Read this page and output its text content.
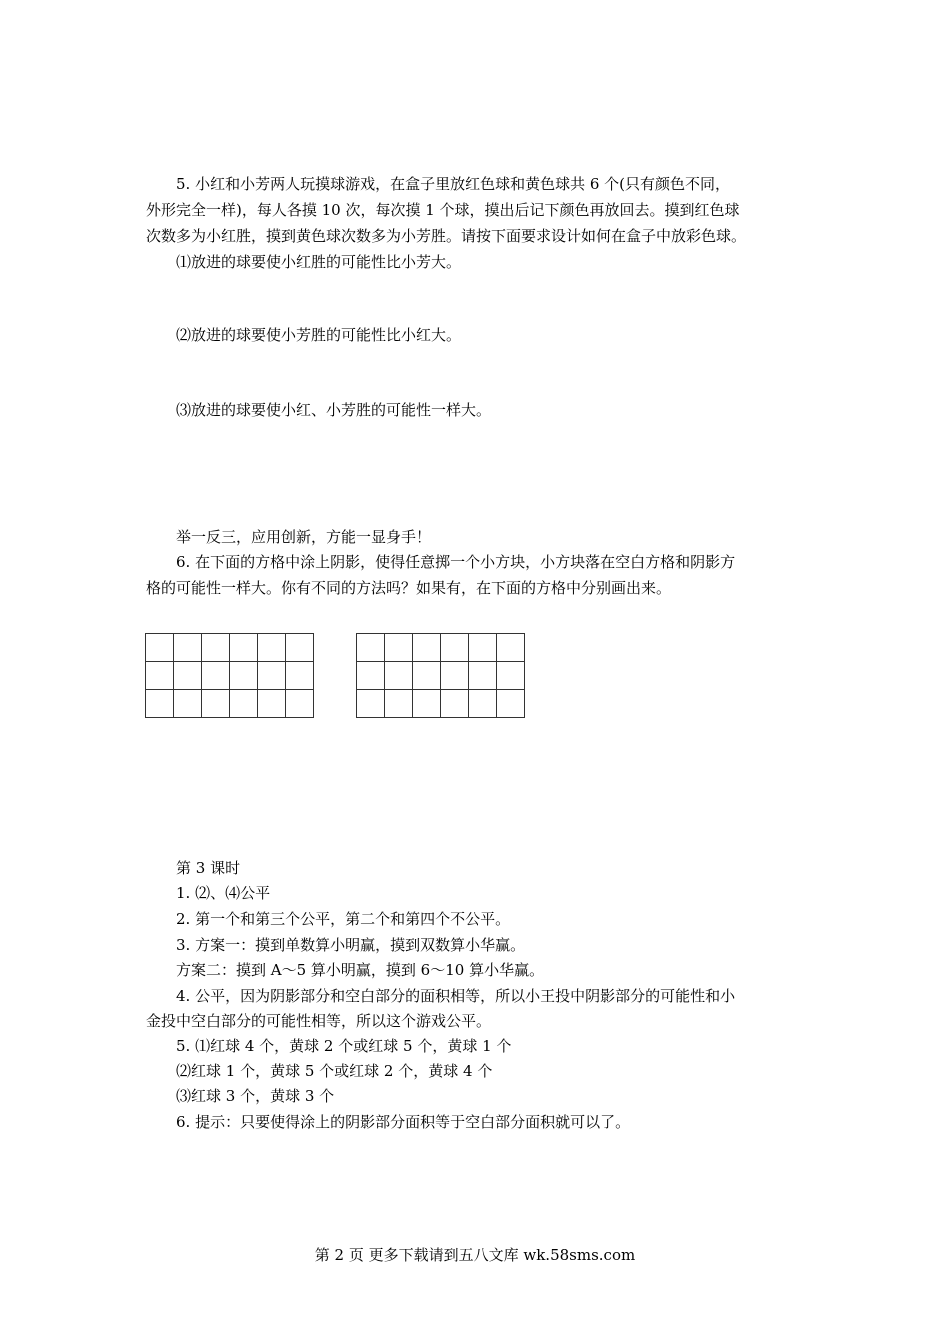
5. 小红和小芳两人玩摸球游戏，在盒子里放红色球和黄色球共 6 个(只有颜色不同，
外形完全一样)，每人各摸 10 次，每次摸 1 个球，摸出后记下颜色再放回去。摸到红色球
次数多为小红胜，摸到黄色球次数多为小芳胜。请按下面要求设计如何在盒子中放彩色球。
⑴放进的球要使小红胜的可能性比小芳大。
⑵放进的球要使小芳胜的可能性比小红大。
⑶放进的球要使小红、小芳胜的可能性一样大。
举一反三，应用创新，方能一显身手！
6. 在下面的方格中涂上阴影，使得任意掷一个小方块，小方块落在空白方格和阴影方
格的可能性一样大。你有不同的方法吗？如果有，在下面的方格中分别画出来。
第 3 课时
1. ⑵、⑷公平
2. 第一个和第三个公平，第二个和第四个不公平。
3. 方案一：摸到单数算小明赢，摸到双数算小华赢。
方案二：摸到 A～5 算小明赢，摸到 6～10 算小华赢。
4. 公平，因为阴影部分和空白部分的面积相等，所以小王投中阴影部分的可能性和小
金投中空白部分的可能性相等，所以这个游戏公平。
5. ⑴红球 4 个，黄球 2 个或红球 5 个，黄球 1 个
⑵红球 1 个，黄球 5 个或红球 2 个，黄球 4 个
⑶红球 3 个，黄球 3 个
6. 提示：只要使得涂上的阴影部分面积等于空白部分面积就可以了。
第 2 页 更多下载请到五八文库 wk.58sms.com
